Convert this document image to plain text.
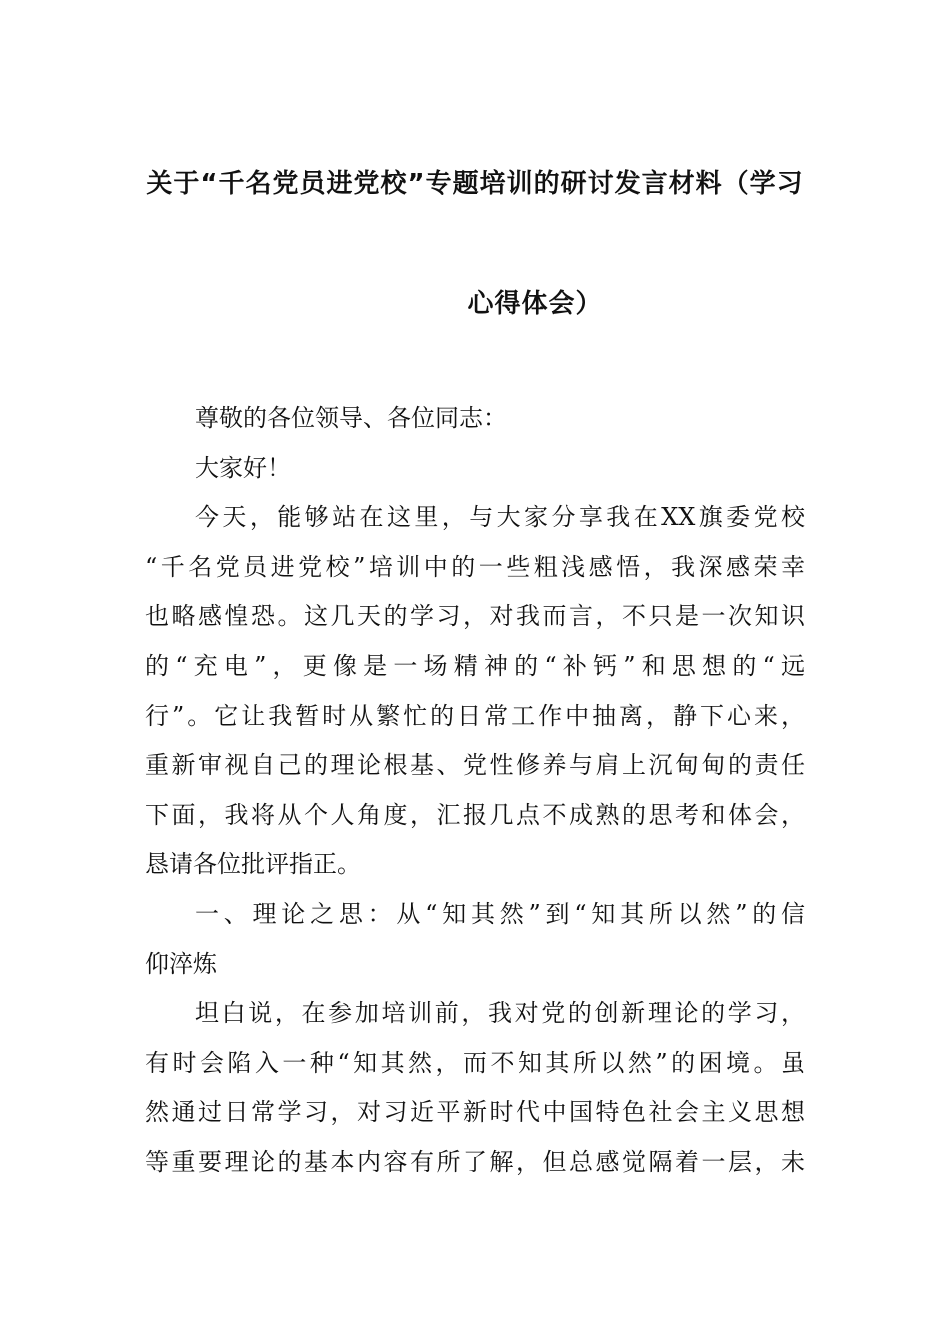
关于“千名党员进党校”专题培训的研讨发言材料（学习
心得体会）
尊敬的各位领导、各位同志：
大家好！
今天，能够站在这里，与大家分享我在XX旗委党校
“千名党员进党校”培训中的一些粗浅感悟，我深感荣幸
也略感惶恐。这几天的学习，对我而言，不只是一次知识
的“充电”，更像是一场精神的“补钙”和思想的“远
行”。它让我暂时从繁忙的日常工作中抽离，静下心来，
重新审视自己的理论根基、党性修养与肩上沉甸甸的责任
下面，我将从个人角度，汇报几点不成熟的思考和体会，
恳请各位批评指正。
一、理论之思：从“知其然”到“知其所以然”的信
仰淬炼
坦白说，在参加培训前，我对党的创新理论的学习，
有时会陷入一种“知其然，而不知其所以然”的困境。虽
然通过日常学习，对习近平新时代中国特色社会主义思想
等重要理论的基本内容有所了解，但总感觉隔着一层，未
